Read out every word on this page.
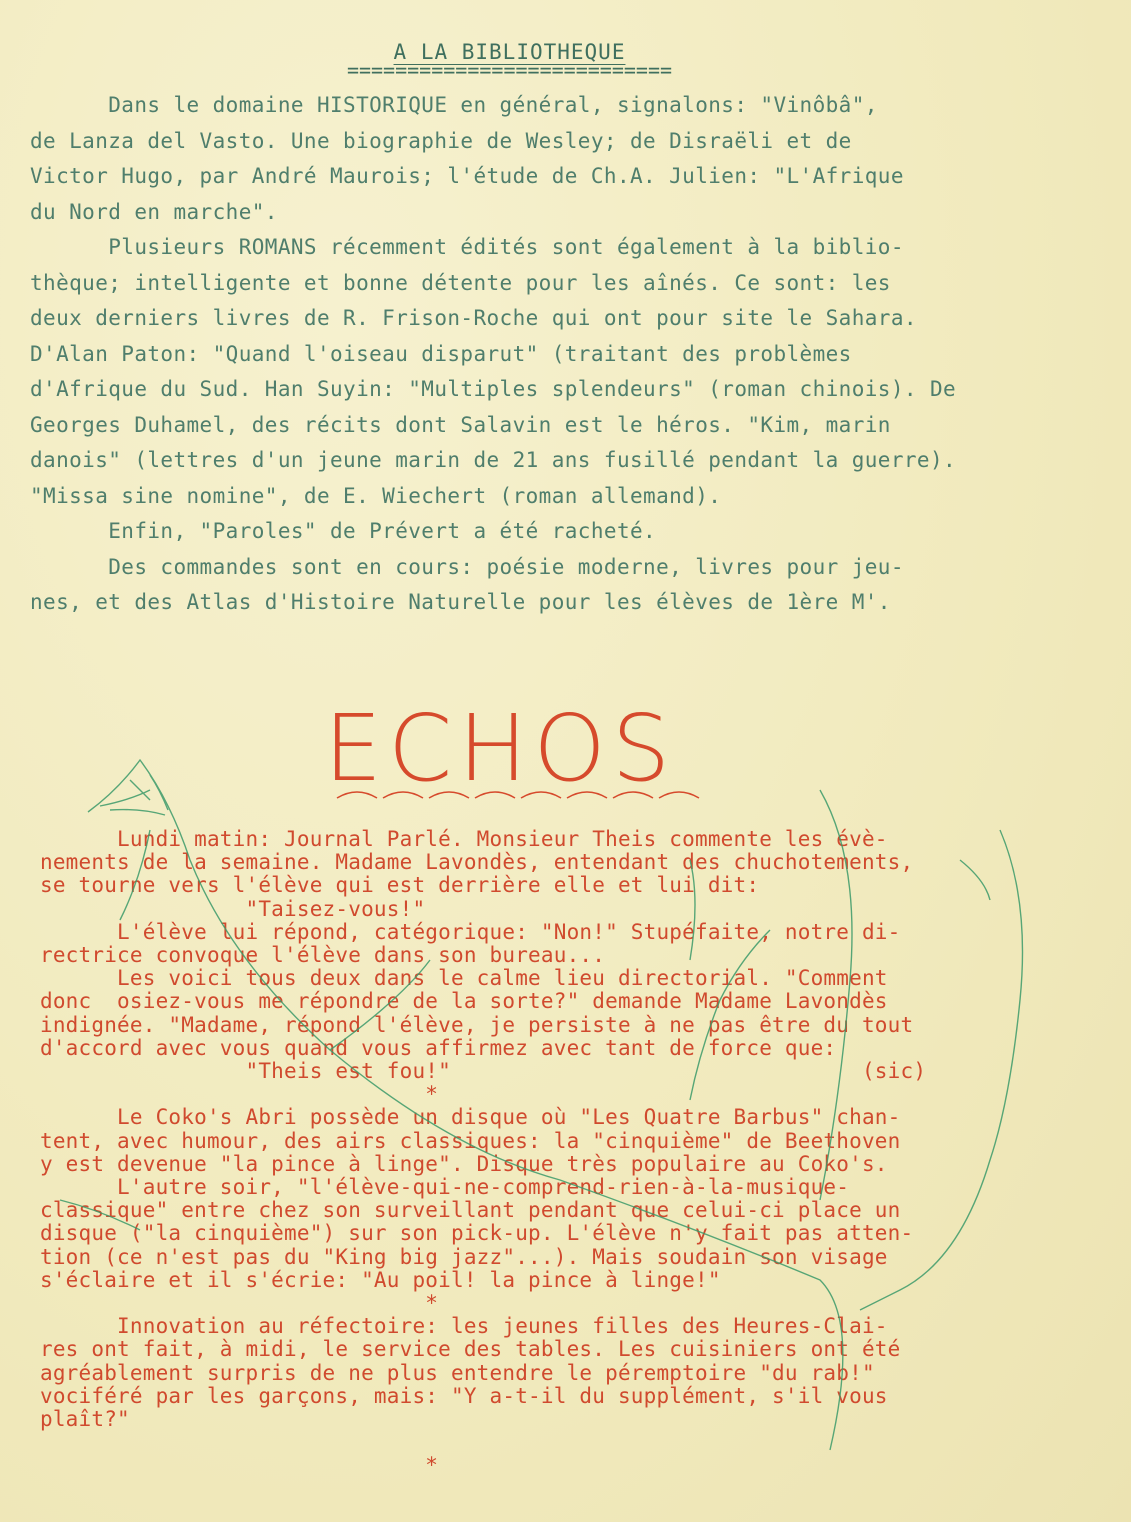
A LA BIBLIOTHEQUE
===========================
Dans le domaine HISTORIQUE en général, signalons: "Vinôbâ",
de Lanza del Vasto. Une biographie de Wesley; de Disraëli et de
Victor Hugo, par André Maurois; l'étude de Ch.A. Julien: "L'Afrique
du Nord en marche".
Plusieurs ROMANS récemment édités sont également à la biblio-
thèque; intelligente et bonne détente pour les aînés. Ce sont: les
deux derniers livres de R. Frison-Roche qui ont pour site le Sahara.
D'Alan Paton: "Quand l'oiseau disparut" (traitant des problèmes
d'Afrique du Sud. Han Suyin: "Multiples splendeurs" (roman chinois). De
Georges Duhamel, des récits dont Salavin est le héros. "Kim, marin
danois" (lettres d'un jeune marin de 21 ans fusillé pendant la guerre).
"Missa sine nomine", de E. Wiechert (roman allemand).
Enfin, "Paroles" de Prévert a été racheté.
Des commandes sont en cours: poésie moderne, livres pour jeu-
nes, et des Atlas d'Histoire Naturelle pour les élèves de 1ère M'.
ECHOS
Lundi matin: Journal Parlé. Monsieur Theis commente les évè-
nements de la semaine. Madame Lavondès, entendant des chuchotements,
se tourne vers l'élève qui est derrière elle et lui dit:
"Taisez-vous!"
L'élève lui répond, catégorique: "Non!" Stupéfaite, notre di-
rectrice convoque l'élève dans son bureau...
Les voici tous deux dans le calme lieu directorial. "Comment
donc  osiez-vous me répondre de la sorte?" demande Madame Lavondès
indignée. "Madame, répond l'élève, je persiste à ne pas être du tout
d'accord avec vous quand vous affirmez avec tant de force que:
"Theis est fou!"                                (sic)
*
Le Coko's Abri possède un disque où "Les Quatre Barbus" chan-
tent, avec humour, des airs classiques: la "cinquième" de Beethoven
y est devenue "la pince à linge". Disque très populaire au Coko's.
L'autre soir, "l'élève-qui-ne-comprend-rien-à-la-musique-
classique" entre chez son surveillant pendant que celui-ci place un
disque ("la cinquième") sur son pick-up. L'élève n'y fait pas atten-
tion (ce n'est pas du "King big jazz"...). Mais soudain son visage
s'éclaire et il s'écrie: "Au poil! la pince à linge!"
*
Innovation au réfectoire: les jeunes filles des Heures-Clai-
res ont fait, à midi, le service des tables. Les cuisiniers ont été
agréablement surpris de ne plus entendre le péremptoire "du rab!"
vociféré par les garçons, mais: "Y a-t-il du supplément, s'il vous
plaît?"
*
